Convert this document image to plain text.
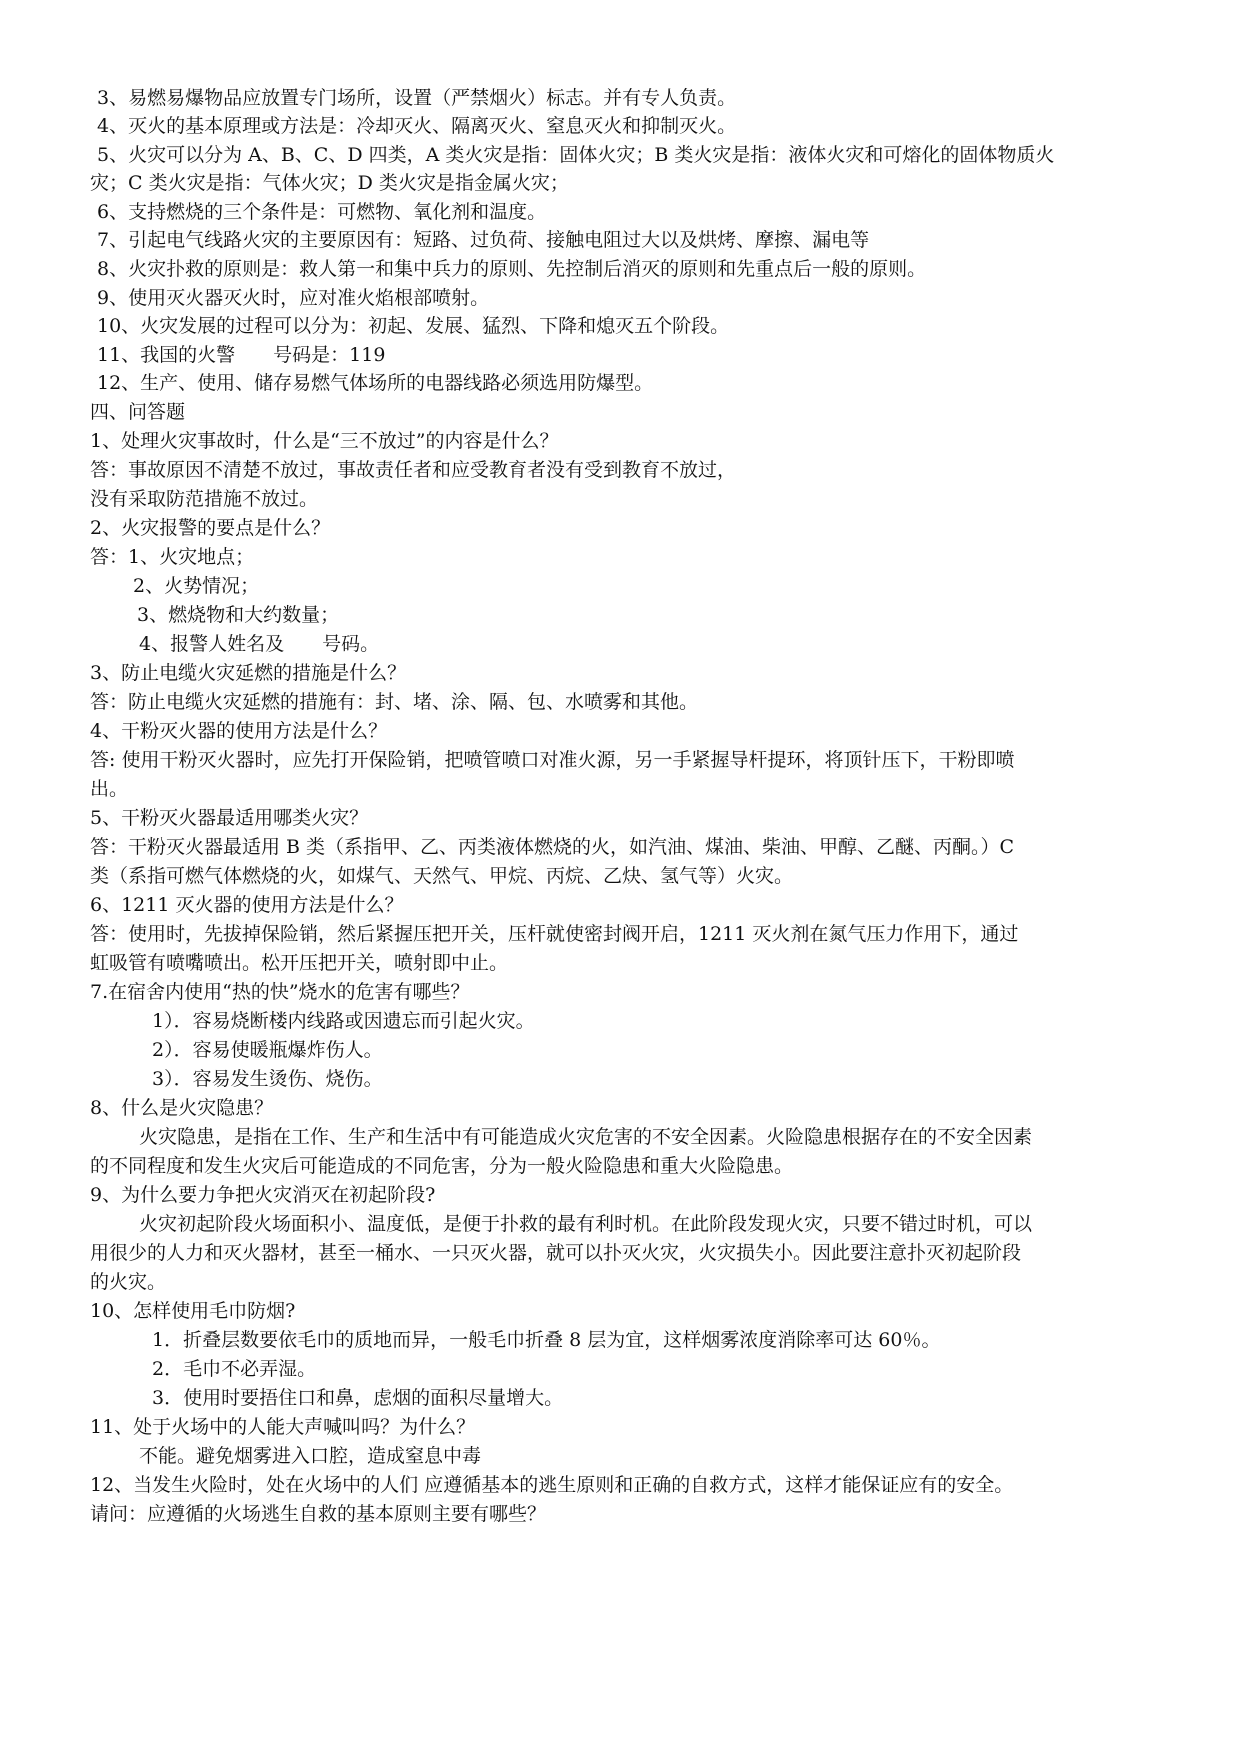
3、易燃易爆物品应放置专门场所，设置（严禁烟火）标志。并有专人负责。
4、灭火的基本原理或方法是：冷却灭火、隔离灭火、窒息灭火和抑制灭火。
5、火灾可以分为 A、B、C、D 四类，A 类火灾是指：固体火灾；B 类火灾是指：液体火灾和可熔化的固体物质火
灾；C 类火灾是指：气体火灾；D 类火灾是指金属火灾；
6、支持燃烧的三个条件是：可燃物、氧化剂和温度。
7、引起电气线路火灾的主要原因有：短路、过负荷、接触电阻过大以及烘烤、摩擦、漏电等
8、火灾扑救的原则是：救人第一和集中兵力的原则、先控制后消灭的原则和先重点后一般的原则。
9、使用灭火器灭火时，应对准火焰根部喷射。
10、火灾发展的过程可以分为：初起、发展、猛烈、下降和熄灭五个阶段。
11、我国的火警　　号码是：119
12、生产、使用、储存易燃气体场所的电器线路必须选用防爆型。
四、问答题
1、处理火灾事故时，什么是“三不放过”的内容是什么？
答：事故原因不清楚不放过，事故责任者和应受教育者没有受到教育不放过，
没有采取防范措施不放过。
2、火灾报警的要点是什么？
答：1、火灾地点；
2、火势情况；
3、燃烧物和大约数量；
4、报警人姓名及　　号码。
3、防止电缆火灾延燃的措施是什么？
答：防止电缆火灾延燃的措施有：封、堵、涂、隔、包、水喷雾和其他。
4、干粉灭火器的使用方法是什么？
答: 使用干粉灭火器时，应先打开保险销，把喷管喷口对准火源，另一手紧握导杆提环，将顶针压下，干粉即喷
出。
5、干粉灭火器最适用哪类火灾？
答：干粉灭火器最适用 B 类（系指甲、乙、丙类液体燃烧的火，如汽油、煤油、柴油、甲醇、乙醚、丙酮。）C
类（系指可燃气体燃烧的火，如煤气、天然气、甲烷、丙烷、乙炔、氢气等）火灾。
6、1211 灭火器的使用方法是什么？
答：使用时，先拔掉保险销，然后紧握压把开关，压杆就使密封阀开启，1211 灭火剂在氮气压力作用下，通过
虹吸管有喷嘴喷出。松开压把开关，喷射即中止。
7.在宿舍内使用“热的快”烧水的危害有哪些？
1）．容易烧断楼内线路或因遗忘而引起火灾。
2）．容易使暖瓶爆炸伤人。
3）．容易发生烫伤、烧伤。
8、什么是火灾隐患？
火灾隐患，是指在工作、生产和生活中有可能造成火灾危害的不安全因素。火险隐患根据存在的不安全因素
的不同程度和发生火灾后可能造成的不同危害，分为一般火险隐患和重大火险隐患。
9、为什么要力争把火灾消灭在初起阶段?
火灾初起阶段火场面积小、温度低，是便于扑救的最有利时机。在此阶段发现火灾，只要不错过时机，可以
用很少的人力和灭火器材，甚至一桶水、一只灭火器，就可以扑灭火灾，火灾损失小。因此要注意扑灭初起阶段
的火灾。
10、怎样使用毛巾防烟?
1．折叠层数要依毛巾的质地而异，一般毛巾折叠 8 层为宜，这样烟雾浓度消除率可达 60％。
2．毛巾不必弄湿。
3．使用时要捂住口和鼻，虑烟的面积尽量增大。
11、处于火场中的人能大声喊叫吗？为什么？
不能。避免烟雾进入口腔，造成窒息中毒
12、当发生火险时，处在火场中的人们 应遵循基本的逃生原则和正确的自救方式，这样才能保证应有的安全。
请问：应遵循的火场逃生自救的基本原则主要有哪些？
